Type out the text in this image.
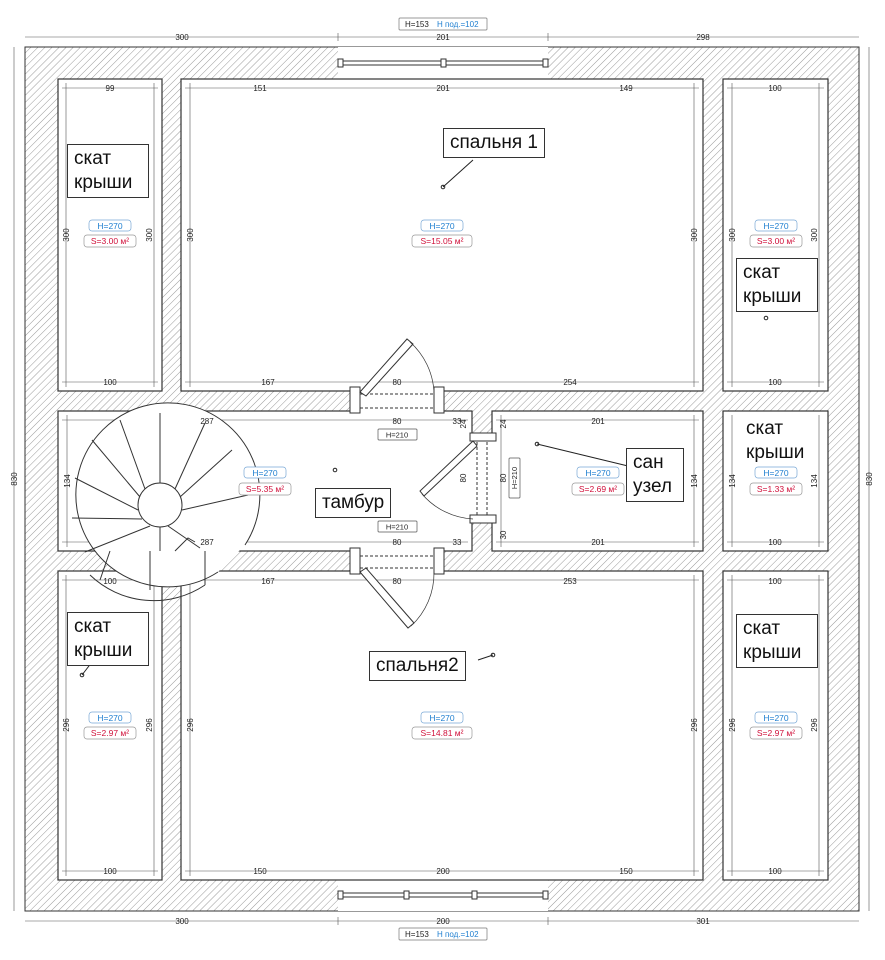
300	201	298
300	200	301
830	830
99
100
300	300
151	201	149
167	80	254
300	300
100
100
300	300
287
287
134
80
80
33
33
201
201
134
80	80
24
30
24
100
134	134
100
100
296	296
167	80	253
150	200	150
296	296
100
100
296	296
H=210
H=210
H=210
H=153 H под.=102
H=153 H под.=102
H=270
S=3.00 м²
H=270
S=15.05 м²
H=270
S=3.00 м²
H=270
S=5.35 м²
H=270
S=2.69 м²
H=270
S=1.33 м²
H=270
S=2.97 м²
H=270
S=14.81 м²
H=270
S=2.97 м²
скат
крыши
спальня 1
скат
крыши
тамбур
сан
узел
скат
крыши
скат
крыши
спальня2
скат
крыши
